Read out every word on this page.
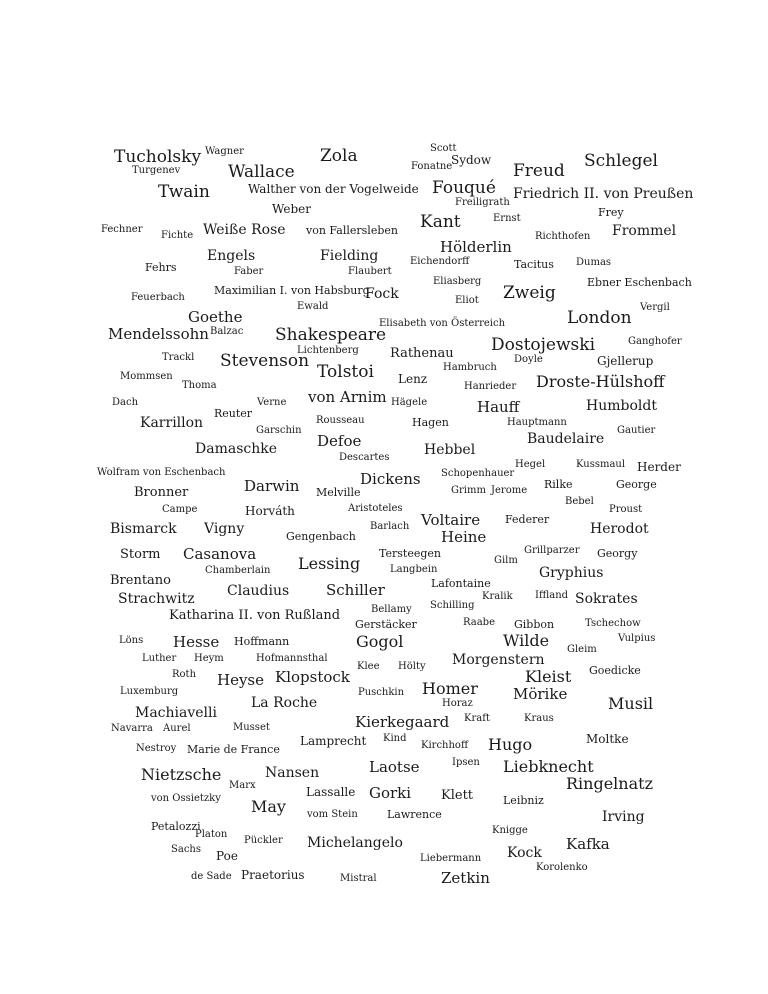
Tucholsky Wagner	Zola	Scott
Fonatne
Sydow
Freud Schlegel
Turgenev	Wallace
Twain	Walther von der Vogelweide Fouqué Friedrich II. von Preußen
Freiligrath
Weber	Frey
Fechner
Fichte Weiße Rose von Fallersleben Kant	Ernst
Richthofen Frommel
Hölderlin
Engels	Fielding	Eichendorff	Tacitus Dumas
Fehrs	Faber	Flaubert
Eliasberg	Ebner Eschenbach
Maximilian I. von Habsburg
Fock	Zweig
Feuerbach	Eliot
Ewald	Vergil
Goethe	London
Elisabeth von Österreich
Mendelssohn Balzac Shakespeare	Dostojewski	Ganghofer
Lichtenberg Rathenau
Trackl Stevenson	Doyle	Gjellerup
Hambruch
Tolstoi
Mommsen	Lenz	Droste-Hülshoff
Thoma	Hanrieder
von Arnim
Dach	Verne	Hägele	Hauff	Humboldt
Reuter
Karrillon	Rousseau	Hagen	Hauptmann
Garschin	Gautier
Defoe	Baudelaire
Damaschke	Hebbel
Descartes
Hegel	Kussmaul Herder
Wolfram von Eschenbach	Schopenhauer
Dickens	Rilke	George
Darwin
Bronner	Melville	Grimm Jerome
Bebel
Proust
Campe	Horváth	Aristoteles
Federer
Voltaire
Bismarck Vigny	Barlach	Herodot
Gengenbach	Heine
Storm Casanova	Tersteegen	Grillparzer Georgy
Gilm
Lessing
Chamberlain	Langbein	Gryphius
Brentano	Lafontaine
Claudius Schiller	Kralik Iffland
Strachwitz	Sokrates
Schilling
Bellamy
Katharina II. von Rußland
Gerstäcker	Raabe Gibbon	Tschechow
Löns Hesse Hoffmann	Gogol	Wilde	Vulpius
Gleim
Luther Heym	Hofmannsthal	Morgenstern
Klee Hölty	Goedicke
Roth Heyse Klopstock	Kleist
Luxemburg	Homer
Puschkin	Mörike
La Roche	Musil
Horaz
Machiavelli	Kraft	Kraus
Kierkegaard
Navarra Aurel	Musset
Kind	Moltke
Lamprecht	Hugo
Kirchhoff
Nestroy Marie de France
Ipsen
Laotse	Liebknecht
Nietzsche	Nansen
Ringelnatz
Marx	Lassalle Gorki Klett	Leibniz
von Ossietzky May
Irving
vom Stein	Lawrence
Petalozzi	Knigge
Platon
Pückler Michelangelo	Kafka
Sachs Poe	Kock
Liebermann
Korolenko
de Sade Praetorius	Mistral	Zetkin
